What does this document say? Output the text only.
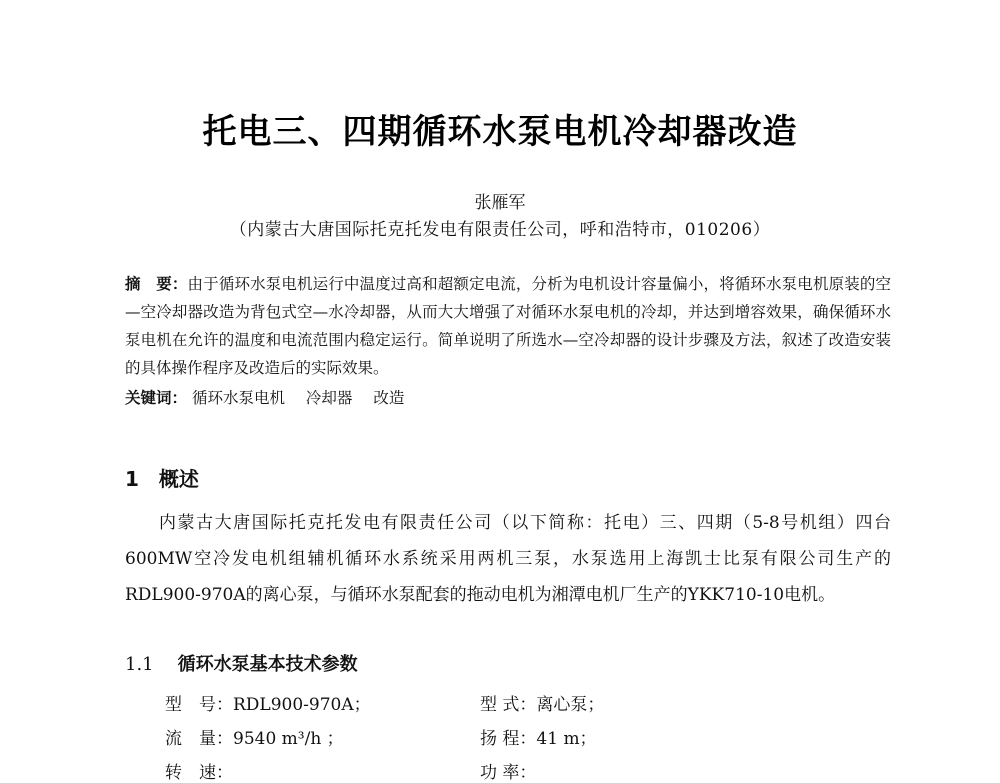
托电三、四期循环水泵电机冷却器改造
张雁军
（内蒙古大唐国际托克托发电有限责任公司，呼和浩特市，010206）
摘　要：由于循环水泵电机运行中温度过高和超额定电流，分析为电机设计容量偏小，将循环水泵电机原装的空—空冷却器改造为背包式空—水冷却器，从而大大增强了对循环水泵电机的冷却，并达到增容效果，确保循环水泵电机在允许的温度和电流范围内稳定运行。简单说明了所选水—空冷却器的设计步骤及方法，叙述了改造安装的具体操作程序及改造后的实际效果。
关键词： 循环水泵电机 冷却器 改造
1 概述
内蒙古大唐国际托克托发电有限责任公司（以下简称：托电）三、四期（5-8号机组）四台600MW空冷发电机组辅机循环水系统采用两机三泵，水泵选用上海凯士比泵有限公司生产的RDL900-970A的离心泵，与循环水泵配套的拖动电机为湘潭电机厂生产的YKK710-10电机。
1.1 循环水泵基本技术参数
型　号：RDL900-970A；	型 式：离心泵；
流　量：9540 m³/h ；	扬 程：41 m；
转　速：	功 率：
